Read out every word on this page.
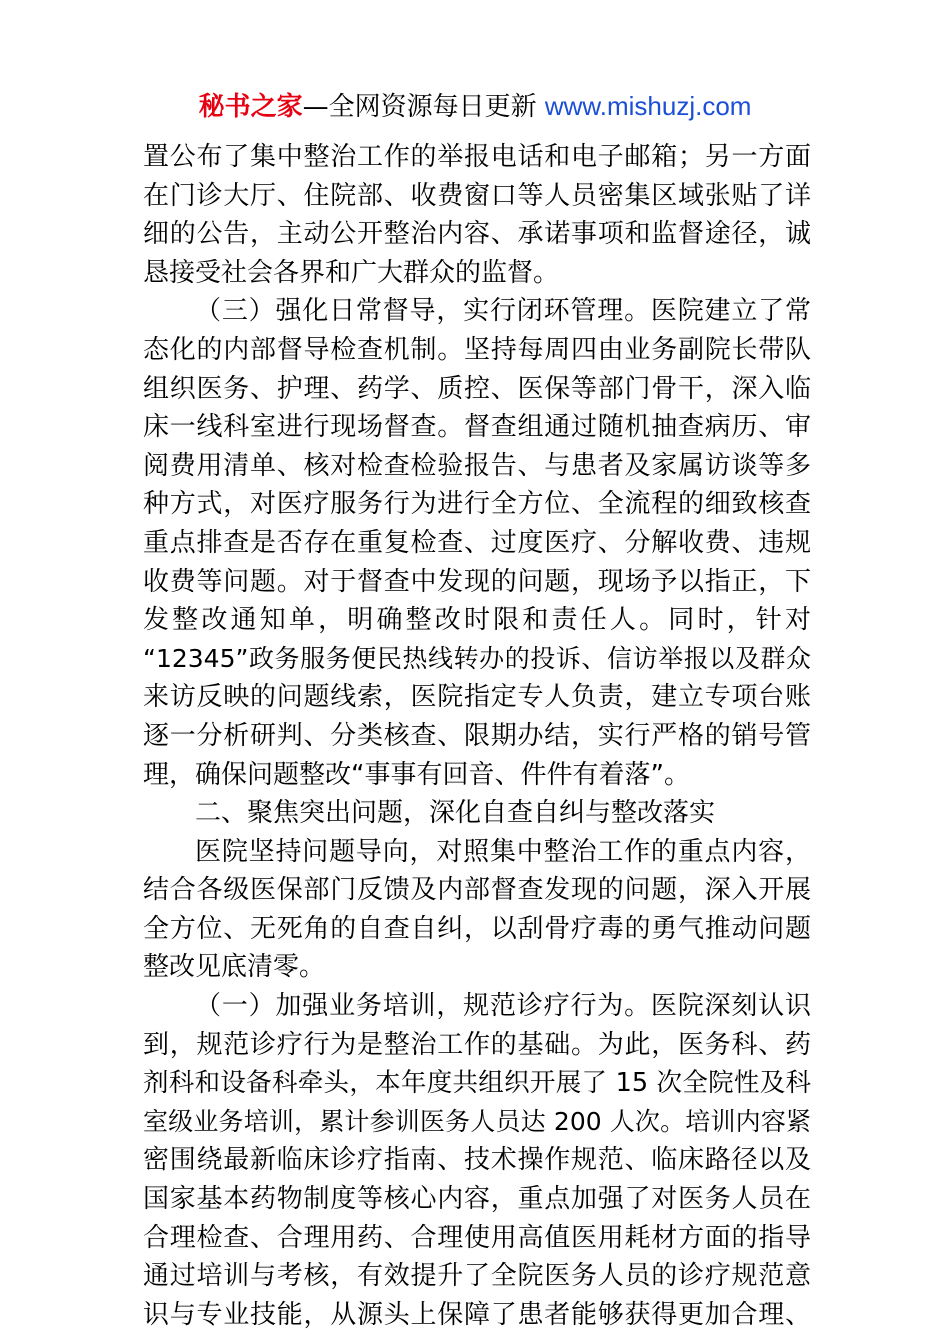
秘书之家—全网资源每日更新 www.mishuzj.com
置公布了集中整治工作的举报电话和电子邮箱；另一方面
在门诊大厅、住院部、收费窗口等人员密集区域张贴了详
细的公告，主动公开整治内容、承诺事项和监督途径，诚
恳接受社会各界和广大群众的监督。
（三）强化日常督导，实行闭环管理。医院建立了常
态化的内部督导检查机制。坚持每周四由业务副院长带队
组织医务、护理、药学、质控、医保等部门骨干，深入临
床一线科室进行现场督查。督查组通过随机抽查病历、审
阅费用清单、核对检查检验报告、与患者及家属访谈等多
种方式，对医疗服务行为进行全方位、全流程的细致核查
重点排查是否存在重复检查、过度医疗、分解收费、违规
收费等问题。对于督查中发现的问题，现场予以指正，下
发整改通知单，明确整改时限和责任人。同时，针对
“12345”政务服务便民热线转办的投诉、信访举报以及群众
来访反映的问题线索，医院指定专人负责，建立专项台账
逐一分析研判、分类核查、限期办结，实行严格的销号管
理，确保问题整改“事事有回音、件件有着落”。
二、聚焦突出问题，深化自查自纠与整改落实
医院坚持问题导向，对照集中整治工作的重点内容，
结合各级医保部门反馈及内部督查发现的问题，深入开展
全方位、无死角的自查自纠，以刮骨疗毒的勇气推动问题
整改见底清零。
（一）加强业务培训，规范诊疗行为。医院深刻认识
到，规范诊疗行为是整治工作的基础。为此，医务科、药
剂科和设备科牵头，本年度共组织开展了 15 次全院性及科
室级业务培训，累计参训医务人员达 200 人次。培训内容紧
密围绕最新临床诊疗指南、技术操作规范、临床路径以及
国家基本药物制度等核心内容，重点加强了对医务人员在
合理检查、合理用药、合理使用高值医用耗材方面的指导
通过培训与考核，有效提升了全院医务人员的诊疗规范意
识与专业技能，从源头上保障了患者能够获得更加合理、
